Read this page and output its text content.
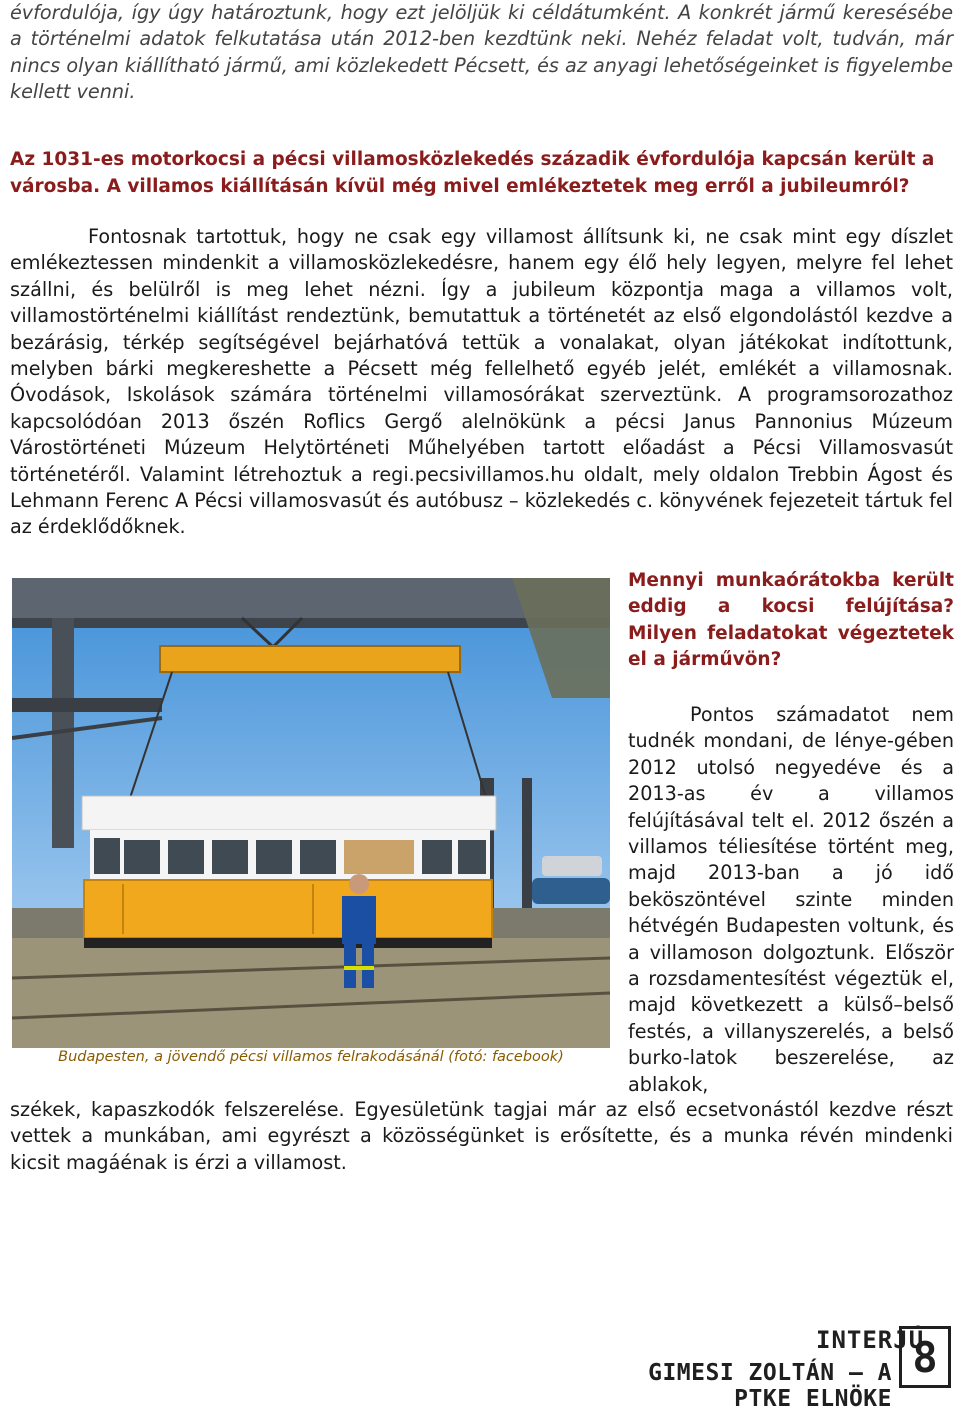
évfordulója, így úgy határoztunk, hogy ezt jelöljük ki céldátumként. A konkrét jármű keresésébe a történelmi adatok felkutatása után 2012-ben kezdtünk neki. Nehéz feladat volt, tudván, már nincs olyan kiállítható jármű, ami közlekedett Pécsett, és az anyagi lehetőségeinket is figyelembe kellett venni.
Az 1031-es motorkocsi a pécsi villamosközlekedés századik évfordulója kapcsán került a városba. A villamos kiállításán kívül még mivel emlékeztetek meg erről a jubileumról?
Fontosnak tartottuk, hogy ne csak egy villamost állítsunk ki, ne csak mint egy díszlet emlékeztessen mindenkit a villamosközlekedésre, hanem egy élő hely legyen, melyre fel lehet szállni, és belülről is meg lehet nézni. Így a jubileum központja maga a villamos volt, villamostörténelmi kiállítást rendeztünk, bemutattuk a történetét az első elgondolástól kezdve a bezárásig, térkép segítségével bejárhatóvá tettük a vonalakat, olyan játékokat indítottunk, melyben bárki megkereshette a Pécsett még fellelhető egyéb jelét, emlékét a villamosnak. Óvodások, Iskolások számára történelmi villamosórákat szerveztünk. A programsorozathoz kapcsolódóan 2013 őszén Roflics Gergő alelnökünk a pécsi Janus Pannonius Múzeum Várostörténeti Múzeum Helytörténeti Műhelyében tartott előadást a Pécsi Villamosvasút történetéről. Valamint létrehoztuk a regi.pecsivillamos.hu oldalt, mely oldalon Trebbin Ágost és Lehmann Ferenc A Pécsi villamosvasút és autóbusz – közlekedés c. könyvének fejezeteit tártuk fel az érdeklődőknek.
Budapesten, a jövendő pécsi villamos felrakodásánál (fotó: facebook)
Mennyi munkaórátokba került eddig a kocsi felújítása? Milyen feladatokat végeztetek el a járművön?
Pontos számadatot nem tudnék mondani, de lénye-gében 2012 utolsó negyedéve és a 2013-as év a villamos felújításával telt el. 2012 őszén a villamos téliesítése történt meg, majd 2013-ban a jó idő beköszöntével szinte minden hétvégén Budapesten voltunk, és a villamoson dolgoztunk. Először a rozsdamentesítést végeztük el, majd következett a külső–belső festés, a villanyszerelés, a belső burko-latok beszerelése, az ablakok,
székek, kapaszkodók felszerelése. Egyesületünk tagjai már az első ecsetvonástól kezdve részt vettek a munkában, ami egyrészt a közösségünket is erősítette, és a munka révén mindenki kicsit magáénak is érzi a villamost.
INTERJÚ
GIMESI ZOLTÁN – A PTKE ELNÖKE
8
